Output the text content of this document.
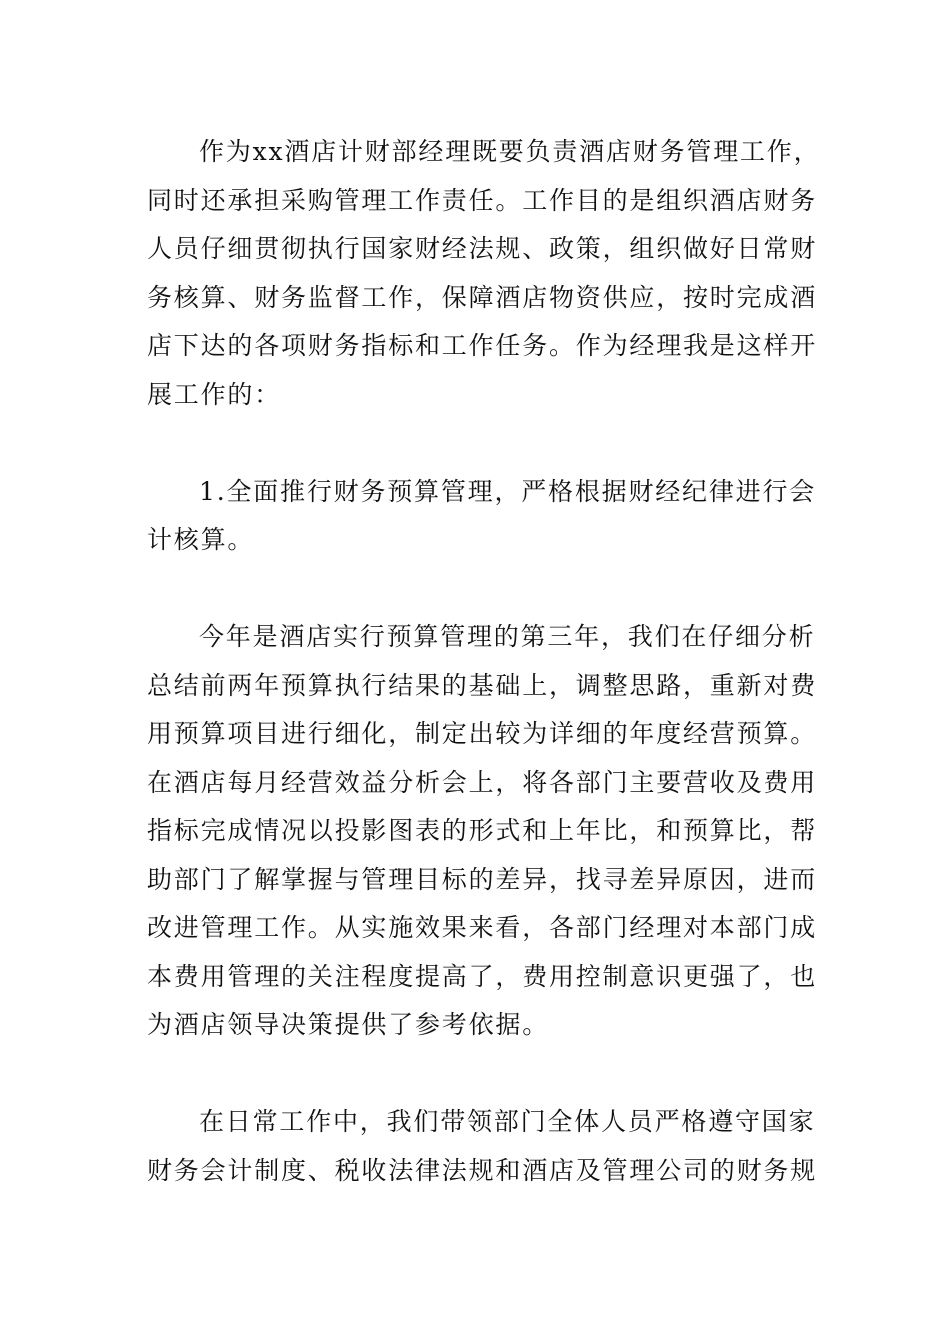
作为xx酒店计财部经理既要负责酒店财务管理工作，
同时还承担采购管理工作责任。工作目的是组织酒店财务
人员仔细贯彻执行国家财经法规、政策，组织做好日常财
务核算、财务监督工作，保障酒店物资供应，按时完成酒
店下达的各项财务指标和工作任务。作为经理我是这样开
展工作的：
1.全面推行财务预算管理，严格根据财经纪律进行会
计核算。
今年是酒店实行预算管理的第三年，我们在仔细分析
总结前两年预算执行结果的基础上，调整思路，重新对费
用预算项目进行细化，制定出较为详细的年度经营预算。
在酒店每月经营效益分析会上，将各部门主要营收及费用
指标完成情况以投影图表的形式和上年比，和预算比，帮
助部门了解掌握与管理目标的差异，找寻差异原因，进而
改进管理工作。从实施效果来看，各部门经理对本部门成
本费用管理的关注程度提高了，费用控制意识更强了，也
为酒店领导决策提供了参考依据。
在日常工作中，我们带领部门全体人员严格遵守国家
财务会计制度、税收法律法规和酒店及管理公司的财务规
